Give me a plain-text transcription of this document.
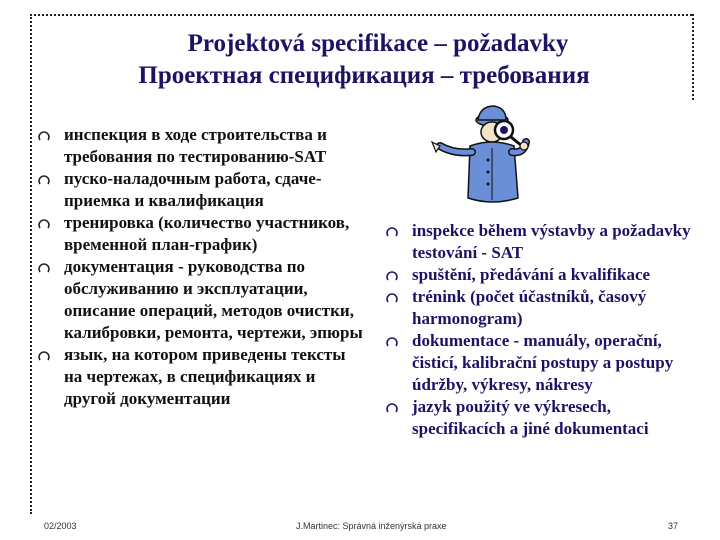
Projektová specifikace – požadavky
Проектная спецификация – требования
инспекция в ходе строительства и требования по тестированию-SAT
пуско-наладочным работа, сдаче-приемка и квалификация
тренировка (количество участников, временной план-график)
документация - руководства по обслуживанию и эксплуатации, описание операций, методов очистки, калибровки, ремонта, чертежи, эпюры
язык, на котором приведены тексты на чертежах, в спецификациях и другой документации
inspekce během výstavby a požadavky testování - SAT
spuštění, předávání a kvalifikace
trénink (počet účastníků, časový harmonogram)
dokumentace - manuály, operační, čisticí, kalibrační postupy a postupy údržby, výkresy, nákresy
jazyk použitý ve výkresech, specifikacích a jiné dokumentaci
02/2003	J.Martinec: Správná inženýrská praxe	37
